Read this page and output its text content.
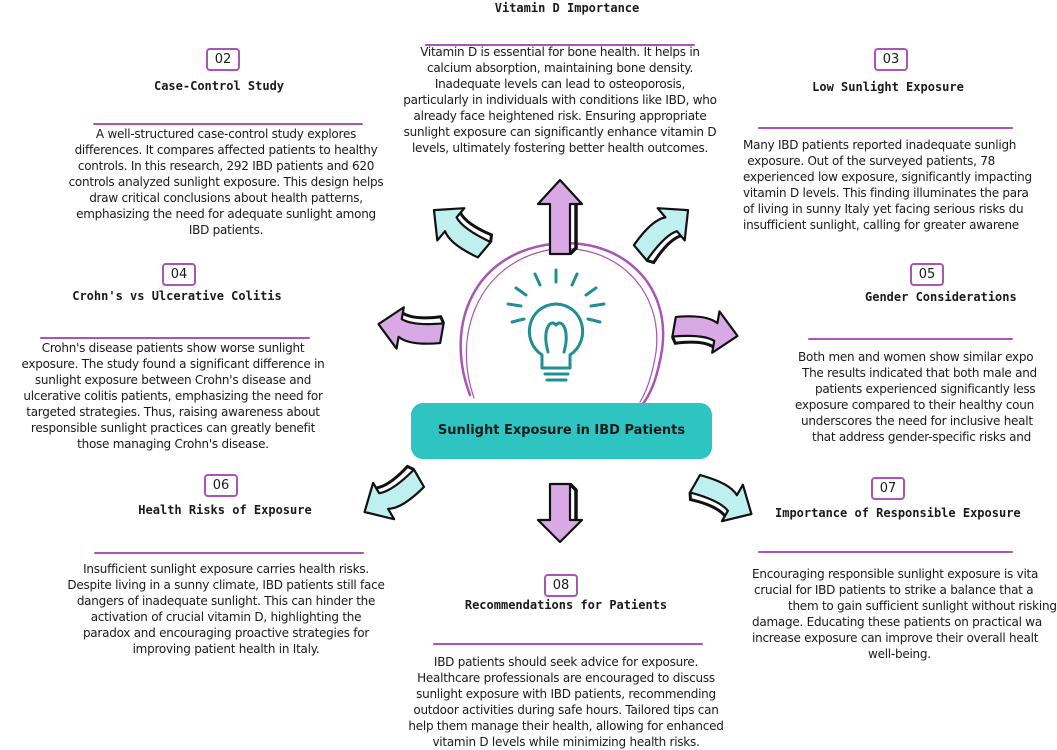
Sunlight Exposure in IBD Patients
Vitamin D Importance
Vitamin D is essential for bone health. It helps in
calcium absorption, maintaining bone density.
Inadequate levels can lead to osteoporosis,
particularly in individuals with conditions like IBD, who
already face heightened risk. Ensuring appropriate
sunlight exposure can significantly enhance vitamin D
levels, ultimately fostering better health outcomes.
02
Case-Control Study
A well-structured case-control study explores
differences. It compares affected patients to healthy
controls. In this research, 292 IBD patients and 620
controls analyzed sunlight exposure. This design helps
draw critical conclusions about health patterns,
emphasizing the need for adequate sunlight among
IBD patients.
03
Low Sunlight Exposure
Many IBD patients reported inadequate sunligh
exposure. Out of the surveyed patients, 78
experienced low exposure, significantly impacting
vitamin D levels. This finding illuminates the para
of living in sunny Italy yet facing serious risks du
insufficient sunlight, calling for greater awarene
04
Crohn's vs Ulcerative Colitis
Crohn's disease patients show worse sunlight
exposure. The study found a significant difference in
sunlight exposure between Crohn's disease and
ulcerative colitis patients, emphasizing the need for
targeted strategies. Thus, raising awareness about
responsible sunlight practices can greatly benefit
those managing Crohn's disease.
05
Gender Considerations
Both men and women show similar expo
The results indicated that both male and
patients experienced significantly less
exposure compared to their healthy coun
underscores the need for inclusive healt
that address gender-specific risks and
06
Health Risks of Exposure
Insufficient sunlight exposure carries health risks.
Despite living in a sunny climate, IBD patients still face
dangers of inadequate sunlight. This can hinder the
activation of crucial vitamin D, highlighting the
paradox and encouraging proactive strategies for
improving patient health in Italy.
07
Importance of Responsible Exposure
Encouraging responsible sunlight exposure is vita
crucial for IBD patients to strike a balance that a
them to gain sufficient sunlight without risking
damage. Educating these patients on practical wa
increase exposure can improve their overall healt
well-being.
08
Recommendations for Patients
IBD patients should seek advice for exposure.
Healthcare professionals are encouraged to discuss
sunlight exposure with IBD patients, recommending
outdoor activities during safe hours. Tailored tips can
help them manage their health, allowing for enhanced
vitamin D levels while minimizing health risks.
